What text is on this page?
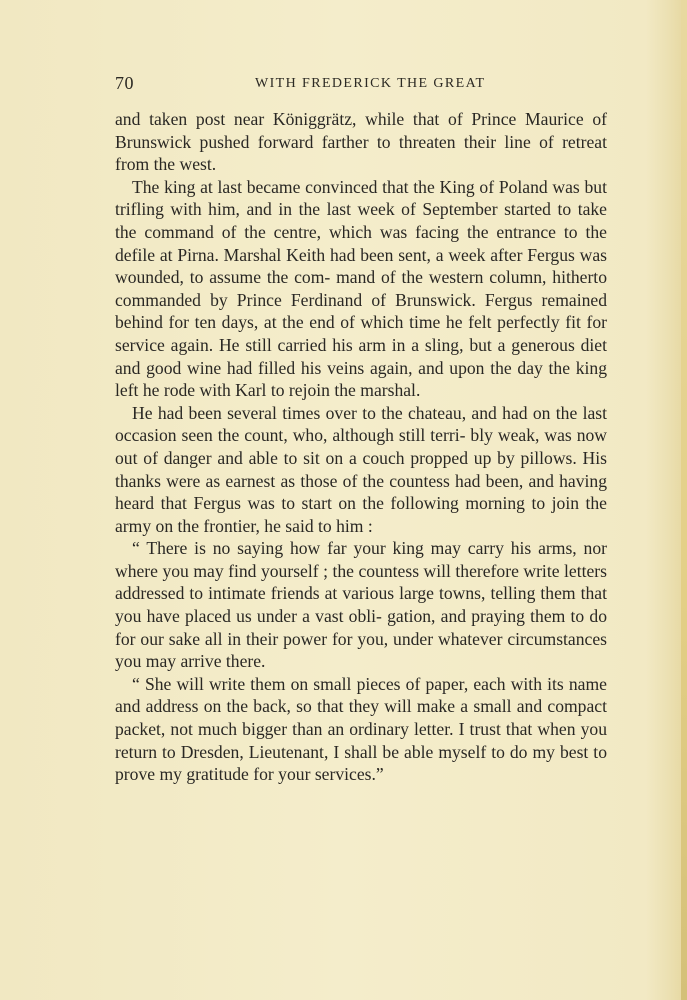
70	WITH FREDERICK THE GREAT

and taken post near Königgrätz, while that of Prince Maurice of Brunswick pushed forward farther to threaten their line of retreat from the west.

The king at last became convinced that the King of Poland was but trifling with him, and in the last week of September started to take the command of the centre, which was facing the entrance to the defile at Pirna. Marshal Keith had been sent, a week after Fergus was wounded, to assume the com- mand of the western column, hitherto commanded by Prince Ferdinand of Brunswick. Fergus remained behind for ten days, at the end of which time he felt perfectly fit for service again. He still carried his arm in a sling, but a generous diet and good wine had filled his veins again, and upon the day the king left he rode with Karl to rejoin the marshal.

He had been several times over to the chateau, and had on the last occasion seen the count, who, although still terri- bly weak, was now out of danger and able to sit on a couch propped up by pillows. His thanks were as earnest as those of the countess had been, and having heard that Fergus was to start on the following morning to join the army on the frontier, he said to him :

“ There is no saying how far your king may carry his arms, nor where you may find yourself ; the countess will therefore write letters addressed to intimate friends at various large towns, telling them that you have placed us under a vast obli- gation, and praying them to do for our sake all in their power for you, under whatever circumstances you may arrive there.

“ She will write them on small pieces of paper, each with its name and address on the back, so that they will make a small and compact packet, not much bigger than an ordinary letter. I trust that when you return to Dresden, Lieutenant, I shall be able myself to do my best to prove my gratitude for your services.”
